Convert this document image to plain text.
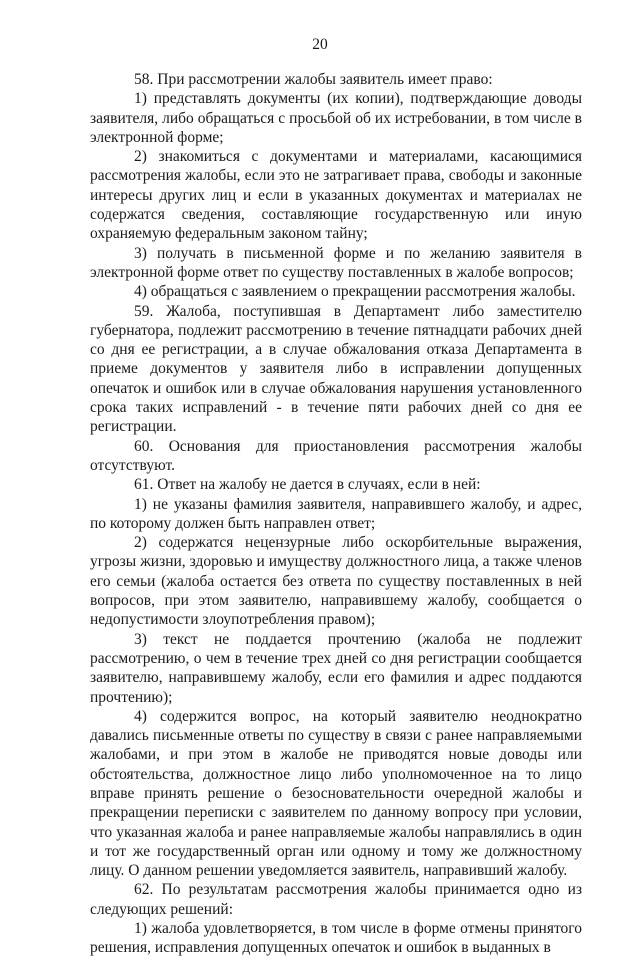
20

58. При рассмотрении жалобы заявитель имеет право:

1) представлять документы (их копии), подтверждающие доводы заявителя, либо обращаться с просьбой об их истребовании, в том числе в электронной форме;

2) знакомиться с документами и материалами, касающимися рассмотрения жалобы, если это не затрагивает права, свободы и законные интересы других лиц и если в указанных документах и материалах не содержатся сведения, составляющие государственную или иную охраняемую федеральным законом тайну;

3) получать в письменной форме и по желанию заявителя в электронной форме ответ по существу поставленных в жалобе вопросов;

4) обращаться с заявлением о прекращении рассмотрения жалобы.

59. Жалоба, поступившая в Департамент либо заместителю губернатора, подлежит рассмотрению в течение пятнадцати рабочих дней со дня ее регистрации, а в случае обжалования отказа Департамента в приеме документов у заявителя либо в исправлении допущенных опечаток и ошибок или в случае обжалования нарушения установленного срока таких исправлений - в течение пяти рабочих дней со дня ее регистрации.

60. Основания для приостановления рассмотрения жалобы отсутствуют.

61. Ответ на жалобу не дается в случаях, если в ней:

1) не указаны фамилия заявителя, направившего жалобу, и адрес, по которому должен быть направлен ответ;

2) содержатся нецензурные либо оскорбительные выражения, угрозы жизни, здоровью и имуществу должностного лица, а также членов его семьи (жалоба остается без ответа по существу поставленных в ней вопросов, при этом заявителю, направившему жалобу, сообщается о недопустимости злоупотребления правом);

3) текст не поддается прочтению (жалоба не подлежит рассмотрению, о чем в течение трех дней со дня регистрации сообщается заявителю, направившему жалобу, если его фамилия и адрес поддаются прочтению);

4) содержится вопрос, на который заявителю неоднократно давались письменные ответы по существу в связи с ранее направляемыми жалобами, и при этом в жалобе не приводятся новые доводы или обстоятельства, должностное лицо либо уполномоченное на то лицо вправе принять решение о безосновательности очередной жалобы и прекращении переписки с заявителем по данному вопросу при условии, что указанная жалоба и ранее направляемые жалобы направлялись в один и тот же государственный орган или одному и тому же должностному лицу. О данном решении уведомляется заявитель, направивший жалобу.

62. По результатам рассмотрения жалобы принимается одно из следующих решений:

1) жалоба удовлетворяется, в том числе в форме отмены принятого решения, исправления допущенных опечаток и ошибок в выданных в
